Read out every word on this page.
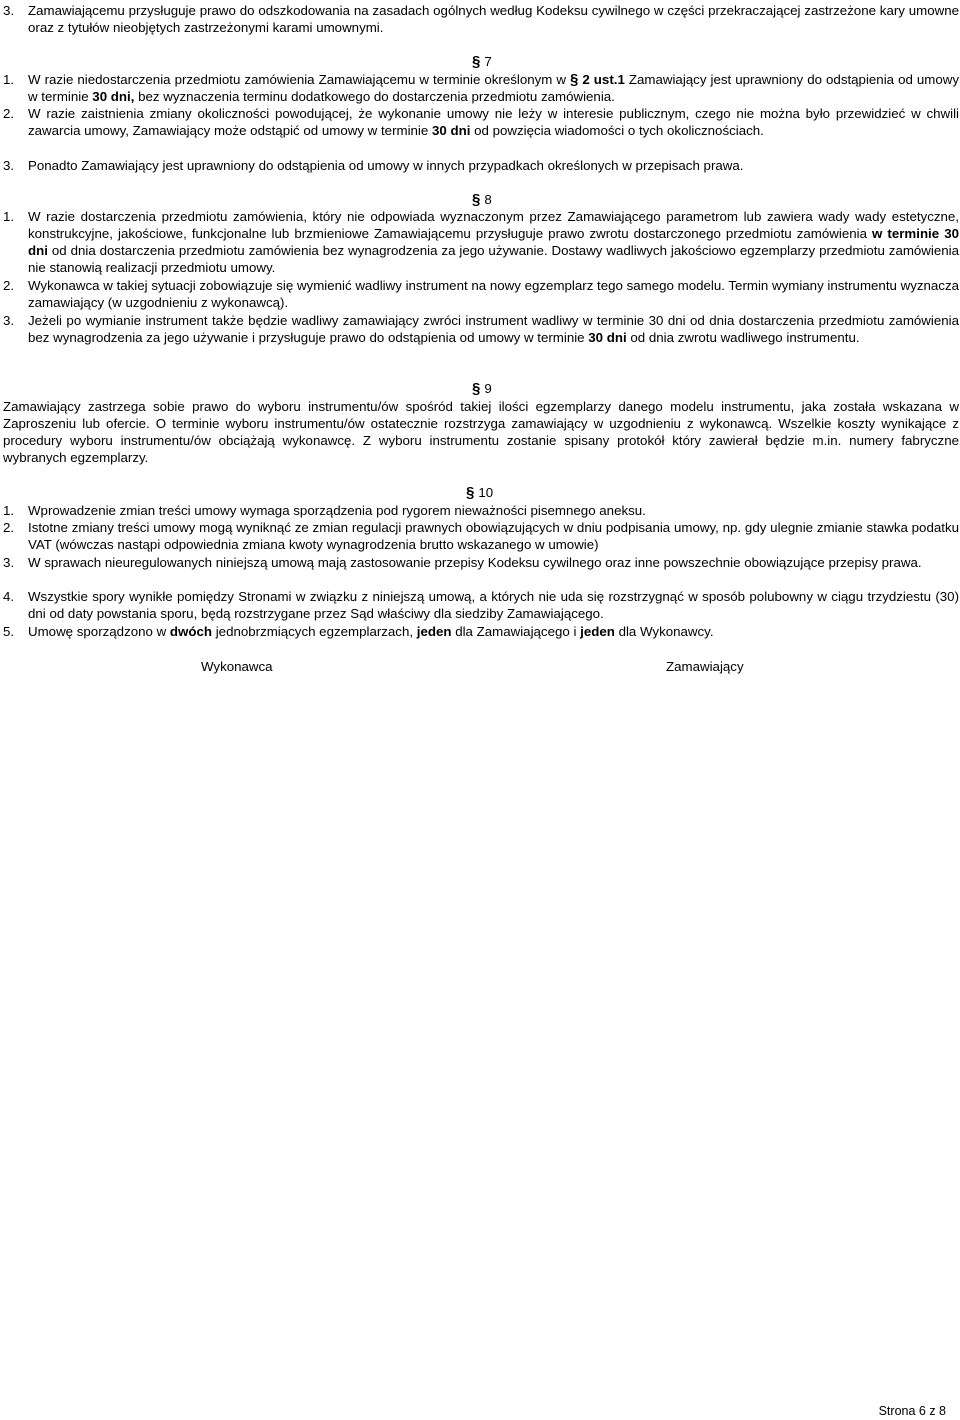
3.	Zamawiającemu przysługuje prawo do odszkodowania na zasadach ogólnych według Kodeksu cywilnego w części przekraczającej zastrzeżone kary umowne oraz z tytułów nieobjętych zastrzeżonymi karami umownymi.
§ 7
1.	W razie niedostarczenia przedmiotu zamówienia Zamawiającemu w terminie określonym w § 2 ust.1 Zamawiający jest uprawniony do odstąpienia od umowy w terminie 30 dni, bez wyznaczenia terminu dodatkowego do dostarczenia przedmiotu zamówienia.
2.	W razie zaistnienia zmiany okoliczności powodującej, że wykonanie umowy nie leży w interesie publicznym, czego nie można było przewidzieć w chwili zawarcia umowy, Zamawiający może odstąpić od umowy w terminie 30 dni od powzięcia wiadomości o tych okolicznościach.
3.	Ponadto Zamawiający jest uprawniony do odstąpienia od umowy w innych przypadkach określonych w przepisach prawa.
§ 8
1.	W razie dostarczenia przedmiotu zamówienia, który nie odpowiada wyznaczonym przez Zamawiającego parametrom lub zawiera wady wady estetyczne, konstrukcyjne, jakościowe, funkcjonalne lub brzmieniowe Zamawiającemu przysługuje prawo zwrotu dostarczonego przedmiotu zamówienia w terminie 30 dni od dnia dostarczenia przedmiotu zamówienia bez wynagrodzenia za jego używanie. Dostawy wadliwych jakościowo egzemplarzy przedmiotu zamówienia nie stanowią realizacji przedmiotu umowy.
2.	Wykonawca w takiej sytuacji zobowiązuje się wymienić wadliwy instrument na nowy egzemplarz tego samego modelu. Termin wymiany instrumentu wyznacza zamawiający (w uzgodnieniu z wykonawcą).
3.	Jeżeli po wymianie instrument także będzie wadliwy zamawiający zwróci instrument wadliwy w terminie 30 dni od dnia dostarczenia przedmiotu zamówienia bez wynagrodzenia za jego używanie i przysługuje prawo do odstąpienia od umowy w terminie 30 dni od dnia zwrotu wadliwego instrumentu.
§ 9
Zamawiający zastrzega sobie prawo do wyboru instrumentu/ów spośród takiej ilości egzemplarzy danego modelu instrumentu, jaka została wskazana w Zaproszeniu lub ofercie. O terminie wyboru instrumentu/ów ostatecznie rozstrzyga zamawiający w uzgodnieniu z wykonawcą. Wszelkie koszty wynikające z procedury wyboru instrumentu/ów obciążają wykonawcę. Z wyboru instrumentu zostanie spisany protokół który zawierał będzie m.in. numery fabryczne wybranych egzemplarzy.
§ 10
1.	Wprowadzenie zmian treści umowy wymaga sporządzenia pod rygorem nieważności pisemnego aneksu.
2.	Istotne zmiany treści umowy mogą wyniknąć ze zmian regulacji prawnych obowiązujących w dniu podpisania umowy, np. gdy ulegnie zmianie stawka podatku VAT (wówczas nastąpi odpowiednia zmiana kwoty wynagrodzenia brutto wskazanego w umowie)
3.	W sprawach nieuregulowanych niniejszą umową mają zastosowanie przepisy Kodeksu cywilnego oraz inne powszechnie obowiązujące przepisy prawa.
4.	Wszystkie spory wynikłe pomiędzy Stronami w związku z niniejszą umową, a których nie uda się rozstrzygnąć w sposób polubowny w ciągu trzydziestu (30) dni od daty powstania sporu, będą rozstrzygane przez Sąd właściwy dla siedziby Zamawiającego.
5.	Umowę sporządzono w dwóch jednobrzmiących egzemplarzach, jeden dla Zamawiającego i jeden dla Wykonawcy.
Wykonawca	Zamawiający
Strona 6 z 8
